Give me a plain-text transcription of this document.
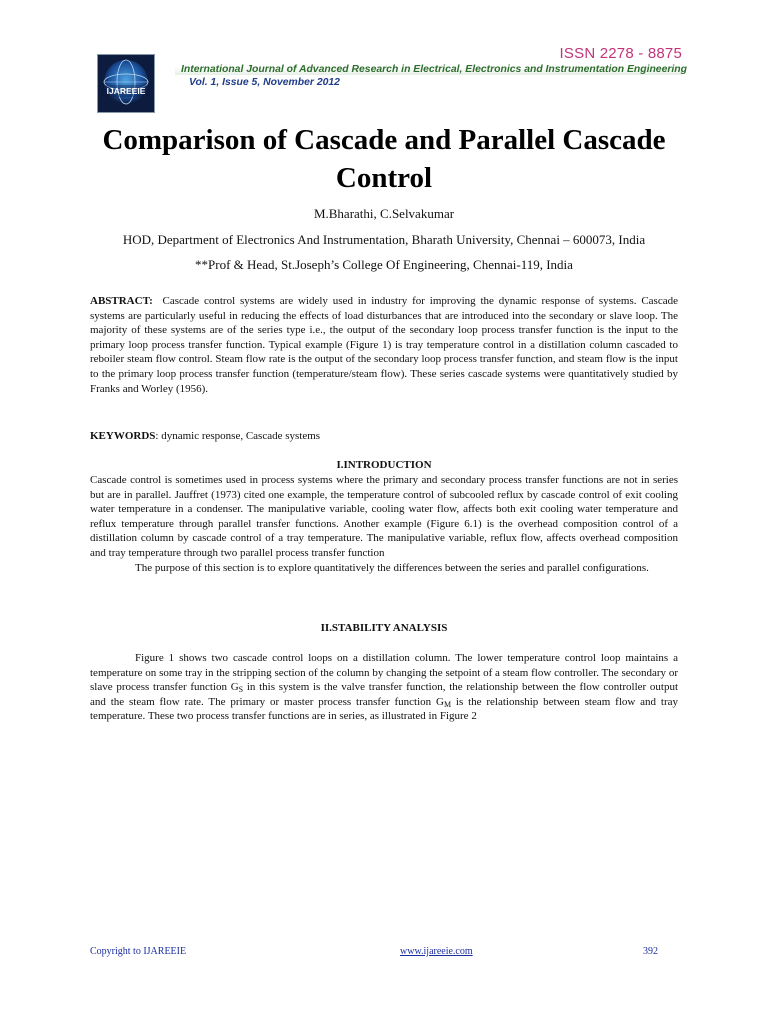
IJAREEIE
ISSN 2278 - 8875
International Journal of Advanced Research in Electrical, Electronics and Instrumentation Engineering
Vol. 1, Issue 5, November 2012
Comparison of Cascade and Parallel Cascade
Control
M.Bharathi, C.Selvakumar
HOD, Department of Electronics And Instrumentation, Bharath University, Chennai – 600073, India
**Prof & Head, St.Joseph’s College Of Engineering, Chennai-119, India
ABSTRACT: Cascade control systems are widely used in industry for improving the dynamic response of systems. Cascade systems are particularly useful in reducing the effects of load disturbances that are introduced into the secondary or slave loop. The majority of these systems are of the series type i.e., the output of the secondary loop process transfer function is the input to the primary loop process transfer function. Typical example (Figure 1) is tray temperature control in a distillation column cascaded to reboiler steam flow control. Steam flow rate is the output of the secondary loop process transfer function, and steam flow is the input to the primary loop process transfer function (temperature/steam flow). These series cascade systems were quantitatively studied by Franks and Worley (1956).
KEYWORDS: dynamic response, Cascade systems
I.INTRODUCTION
Cascade control is sometimes used in process systems where the primary and secondary process transfer functions are not in series but are in parallel. Jauffret (1973) cited one example, the temperature control of subcooled reflux by cascade control of exit cooling water temperature in a condenser. The manipulative variable, cooling water flow, affects both exit cooling water temperature and reflux temperature through parallel transfer functions. Another example (Figure 6.1) is the overhead composition control of a distillation column by cascade control of a tray temperature. The manipulative variable, reflux flow, affects overhead composition and tray temperature through two parallel process transfer function
The purpose of this section is to explore quantitatively the differences between the series and parallel configurations.
II.STABILITY ANALYSIS
Figure 1 shows two cascade control loops on a distillation column. The lower temperature control loop maintains a temperature on some tray in the stripping section of the column by changing the setpoint of a steam flow controller. The secondary or slave process transfer function $G_S$ in this system is the valve transfer function, the relationship between the flow controller output and the steam flow rate. The primary or master process transfer function $G_M$ is the relationship between steam flow and tray temperature. These two process transfer functions are in series, as illustrated in Figure 2
Copyright to IJAREEIE	www.ijareeie.com	392
